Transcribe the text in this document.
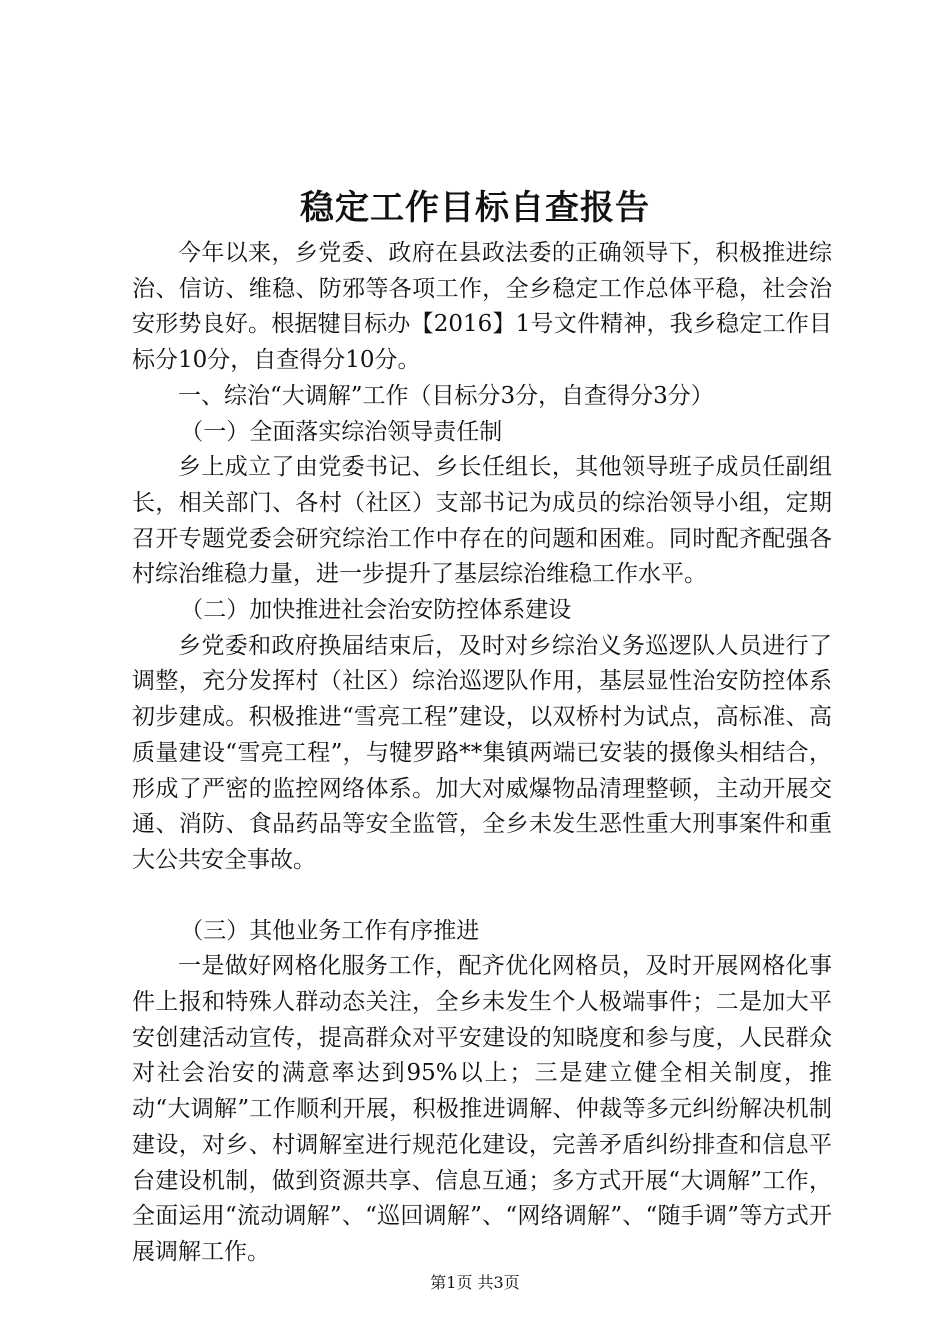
稳定工作目标自查报告

今年以来，乡党委、政府在县政法委的正确领导下，积极推进综治、信访、维稳、防邪等各项工作，全乡稳定工作总体平稳，社会治安形势良好。根据犍目标办【2016】1号文件精神，我乡稳定工作目标分10分，自查得分10分。

一、综治“大调解”工作（目标分3分，自查得分3分）

（一）全面落实综治领导责任制

乡上成立了由党委书记、乡长任组长，其他领导班子成员任副组长，相关部门、各村（社区）支部书记为成员的综治领导小组，定期召开专题党委会研究综治工作中存在的问题和困难。同时配齐配强各村综治维稳力量，进一步提升了基层综治维稳工作水平。

（二）加快推进社会治安防控体系建设

乡党委和政府换届结束后，及时对乡综治义务巡逻队人员进行了调整，充分发挥村（社区）综治巡逻队作用，基层显性治安防控体系初步建成。积极推进“雪亮工程”建设，以双桥村为试点，高标准、高质量建设“雪亮工程”，与犍罗路**集镇两端已安装的摄像头相结合，形成了严密的监控网络体系。加大对威爆物品清理整顿，主动开展交通、消防、食品药品等安全监管，全乡未发生恶性重大刑事案件和重大公共安全事故。

（三）其他业务工作有序推进

一是做好网格化服务工作，配齐优化网格员，及时开展网格化事件上报和特殊人群动态关注，全乡未发生个人极端事件；二是加大平安创建活动宣传，提高群众对平安建设的知晓度和参与度，人民群众对社会治安的满意率达到95%以上；三是建立健全相关制度，推动“大调解”工作顺利开展，积极推进调解、仲裁等多元纠纷解决机制建设，对乡、村调解室进行规范化建设，完善矛盾纠纷排查和信息平台建设机制，做到资源共享、信息互通；多方式开展“大调解”工作，全面运用“流动调解”、“巡回调解”、“网络调解”、“随手调”等方式开展调解工作。

第1页 共3页
